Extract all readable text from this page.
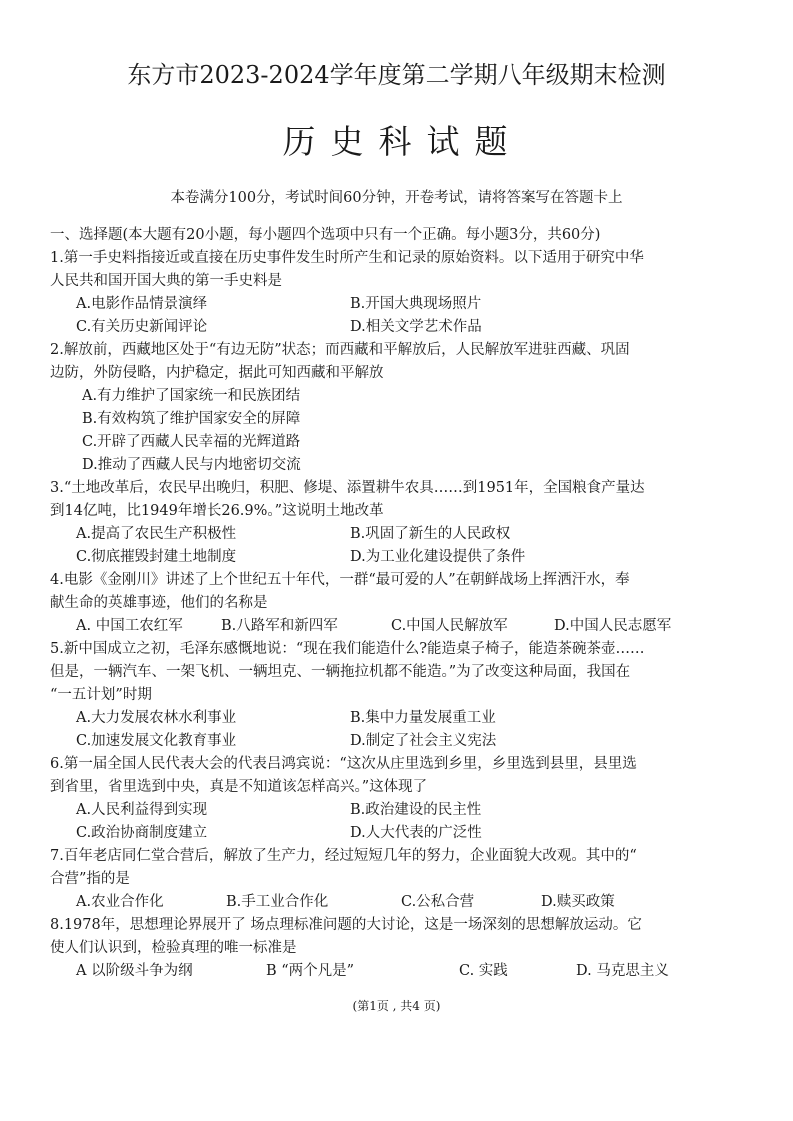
东方市2023-2024学年度第二学期八年级期末检测
历史科试题
本卷满分100分，考试时间60分钟，开卷考试，请将答案写在答题卡上
一、选择题(本大题有20小题，每小题四个选项中只有一个正确。每小题3分，共60分)
1.第一手史料指接近或直接在历史事件发生时所产生和记录的原始资料。以下适用于研究中华
人民共和国开国大典的第一手史料是
A.电影作品情景演绎	B.开国大典现场照片
C.有关历史新闻评论	D.相关文学艺术作品
2.解放前，西藏地区处于“有边无防”状态；而西藏和平解放后，人民解放军进驻西藏、巩固
边防，外防侵略，内护稳定，据此可知西藏和平解放
A.有力维护了国家统一和民族团结
B.有效构筑了维护国家安全的屏障
C.开辟了西藏人民幸福的光辉道路
D.推动了西藏人民与内地密切交流
3.“土地改革后，农民早出晚归，积肥、修堤、添置耕牛农具……到1951年，全国粮食产量达
到14亿吨，比1949年增长26.9%。”这说明土地改革
A.提高了农民生产积极性	B.巩固了新生的人民政权
C.彻底摧毁封建土地制度	D.为工业化建设提供了条件
4.电影《金刚川》讲述了上个世纪五十年代，一群“最可爱的人”在朝鲜战场上挥洒汗水，奉
献生命的英雄事迹，他们的名称是
A. 中国工农红军	B.八路军和新四军	C.中国人民解放军	D.中国人民志愿军
5.新中国成立之初，毛泽东感慨地说：“现在我们能造什么?能造桌子椅子，能造茶碗茶壶……
但是，一辆汽车、一架飞机、一辆坦克、一辆拖拉机都不能造。”为了改变这种局面，我国在
“一五计划”时期
A.大力发展农林水利事业	B.集中力量发展重工业
C.加速发展文化教育事业	D.制定了社会主义宪法
6.第一届全国人民代表大会的代表吕鸿宾说：“这次从庄里选到乡里，乡里选到县里，县里选
到省里，省里选到中央，真是不知道该怎样高兴。”这体现了
A.人民利益得到实现	B.政治建设的民主性
C.政治协商制度建立	D.人大代表的广泛性
7.百年老店同仁堂合营后，解放了生产力，经过短短几年的努力，企业面貌大改观。其中的“
合营”指的是
A.农业合作化	B.手工业合作化	C.公私合营	D.赎买政策
8.1978年，思想理论界展开了 场点理标准问题的大讨论，这是一场深刻的思想解放运动。它
使人们认识到，检验真理的唯一标准是
A 以阶级斗争为纲	B “两个凡是”	C. 实践	D. 马克思主义
(第1页 , 共4 页)
